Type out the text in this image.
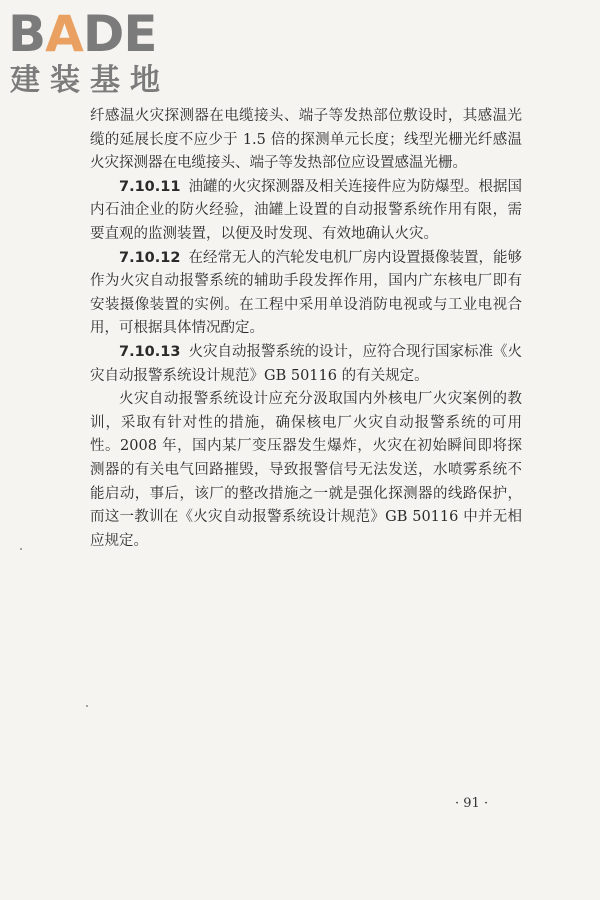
BADE
建装基地

纤感温火灾探测器在电缆接头、端子等发热部位敷设时，其感温光缆的延展长度不应少于 1.5 倍的探测单元长度；线型光栅光纤感温火灾探测器在电缆接头、端子等发热部位应设置感温光栅。

7.10.11 油罐的火灾探测器及相关连接件应为防爆型。根据国内石油企业的防火经验，油罐上设置的自动报警系统作用有限，需要直观的监测装置，以便及时发现、有效地确认火灾。

7.10.12 在经常无人的汽轮发电机厂房内设置摄像装置，能够作为火灾自动报警系统的辅助手段发挥作用，国内广东核电厂即有安装摄像装置的实例。在工程中采用单设消防电视或与工业电视合用，可根据具体情况酌定。

7.10.13 火灾自动报警系统的设计，应符合现行国家标准《火灾自动报警系统设计规范》GB 50116 的有关规定。

火灾自动报警系统设计应充分汲取国内外核电厂火灾案例的教训，采取有针对性的措施，确保核电厂火灾自动报警系统的可用性。2008 年，国内某厂变压器发生爆炸，火灾在初始瞬间即将探测器的有关电气回路摧毁，导致报警信号无法发送，水喷雾系统不能启动，事后，该厂的整改措施之一就是强化探测器的线路保护，而这一教训在《火灾自动报警系统设计规范》GB 50116 中并无相应规定。

· 91 ·
